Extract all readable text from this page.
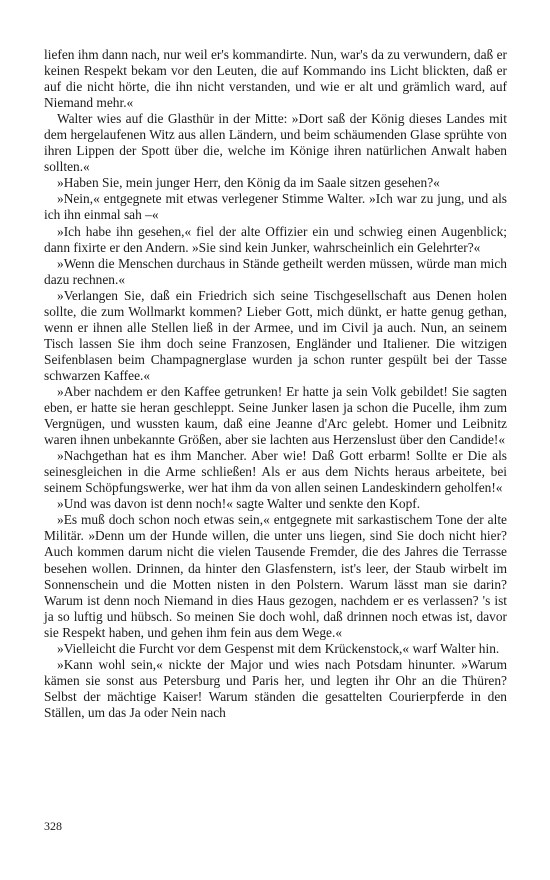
liefen ihm dann nach, nur weil er's kommandirte. Nun, war's da zu verwundern, daß er keinen Respekt bekam vor den Leuten, die auf Kommando ins Licht blickten, daß er auf die nicht hörte, die ihn nicht verstanden, und wie er alt und grämlich ward, auf Niemand mehr.«

Walter wies auf die Glasthür in der Mitte: »Dort saß der König dieses Landes mit dem hergelaufenen Witz aus allen Ländern, und beim schäumenden Glase sprühte von ihren Lippen der Spott über die, welche im Könige ihren natürlichen Anwalt haben sollten.«

»Haben Sie, mein junger Herr, den König da im Saale sitzen gesehen?«

»Nein,« entgegnete mit etwas verlegener Stimme Walter. »Ich war zu jung, und als ich ihn einmal sah –«

»Ich habe ihn gesehen,« fiel der alte Offizier ein und schwieg einen Augenblick; dann fixirte er den Andern. »Sie sind kein Junker, wahrscheinlich ein Gelehrter?«

»Wenn die Menschen durchaus in Stände getheilt werden müssen, würde man mich dazu rechnen.«

»Verlangen Sie, daß ein Friedrich sich seine Tischgesellschaft aus Denen holen sollte, die zum Wollmarkt kommen? Lieber Gott, mich dünkt, er hatte genug gethan, wenn er ihnen alle Stellen ließ in der Armee, und im Civil ja auch. Nun, an seinem Tisch lassen Sie ihm doch seine Franzosen, Engländer und Italiener. Die witzigen Seifenblasen beim Champagnerglase wurden ja schon runter gespült bei der Tasse schwarzen Kaffee.«

»Aber nachdem er den Kaffee getrunken! Er hatte ja sein Volk gebildet! Sie sagten eben, er hatte sie heran geschleppt. Seine Junker lasen ja schon die Pucelle, ihm zum Vergnügen, und wussten kaum, daß eine Jeanne d'Arc gelebt. Homer und Leibnitz waren ihnen unbekannte Größen, aber sie lachten aus Herzenslust über den Candide!«

»Nachgethan hat es ihm Mancher. Aber wie! Daß Gott erbarm! Sollte er Die als seinesgleichen in die Arme schließen! Als er aus dem Nichts heraus arbeitete, bei seinem Schöpfungswerke, wer hat ihm da von allen seinen Landeskindern geholfen!«

»Und was davon ist denn noch!« sagte Walter und senkte den Kopf.

»Es muß doch schon noch etwas sein,« entgegnete mit sarkastischem Tone der alte Militär. »Denn um der Hunde willen, die unter uns liegen, sind Sie doch nicht hier? Auch kommen darum nicht die vielen Tausende Fremder, die des Jahres die Terrasse besehen wollen. Drinnen, da hinter den Glasfenstern, ist's leer, der Staub wirbelt im Sonnenschein und die Motten nisten in den Polstern. Warum lässt man sie darin? Warum ist denn noch Niemand in dies Haus gezogen, nachdem er es verlassen? 's ist ja so luftig und hübsch. So meinen Sie doch wohl, daß drinnen noch etwas ist, davor sie Respekt haben, und gehen ihm fein aus dem Wege.«

»Vielleicht die Furcht vor dem Gespenst mit dem Krückenstock,« warf Walter hin.

»Kann wohl sein,« nickte der Major und wies nach Potsdam hinunter. »Warum kämen sie sonst aus Petersburg und Paris her, und legten ihr Ohr an die Thüren? Selbst der mächtige Kaiser! Warum ständen die gesattelten Courierpferde in den Ställen, um das Ja oder Nein nach

328
